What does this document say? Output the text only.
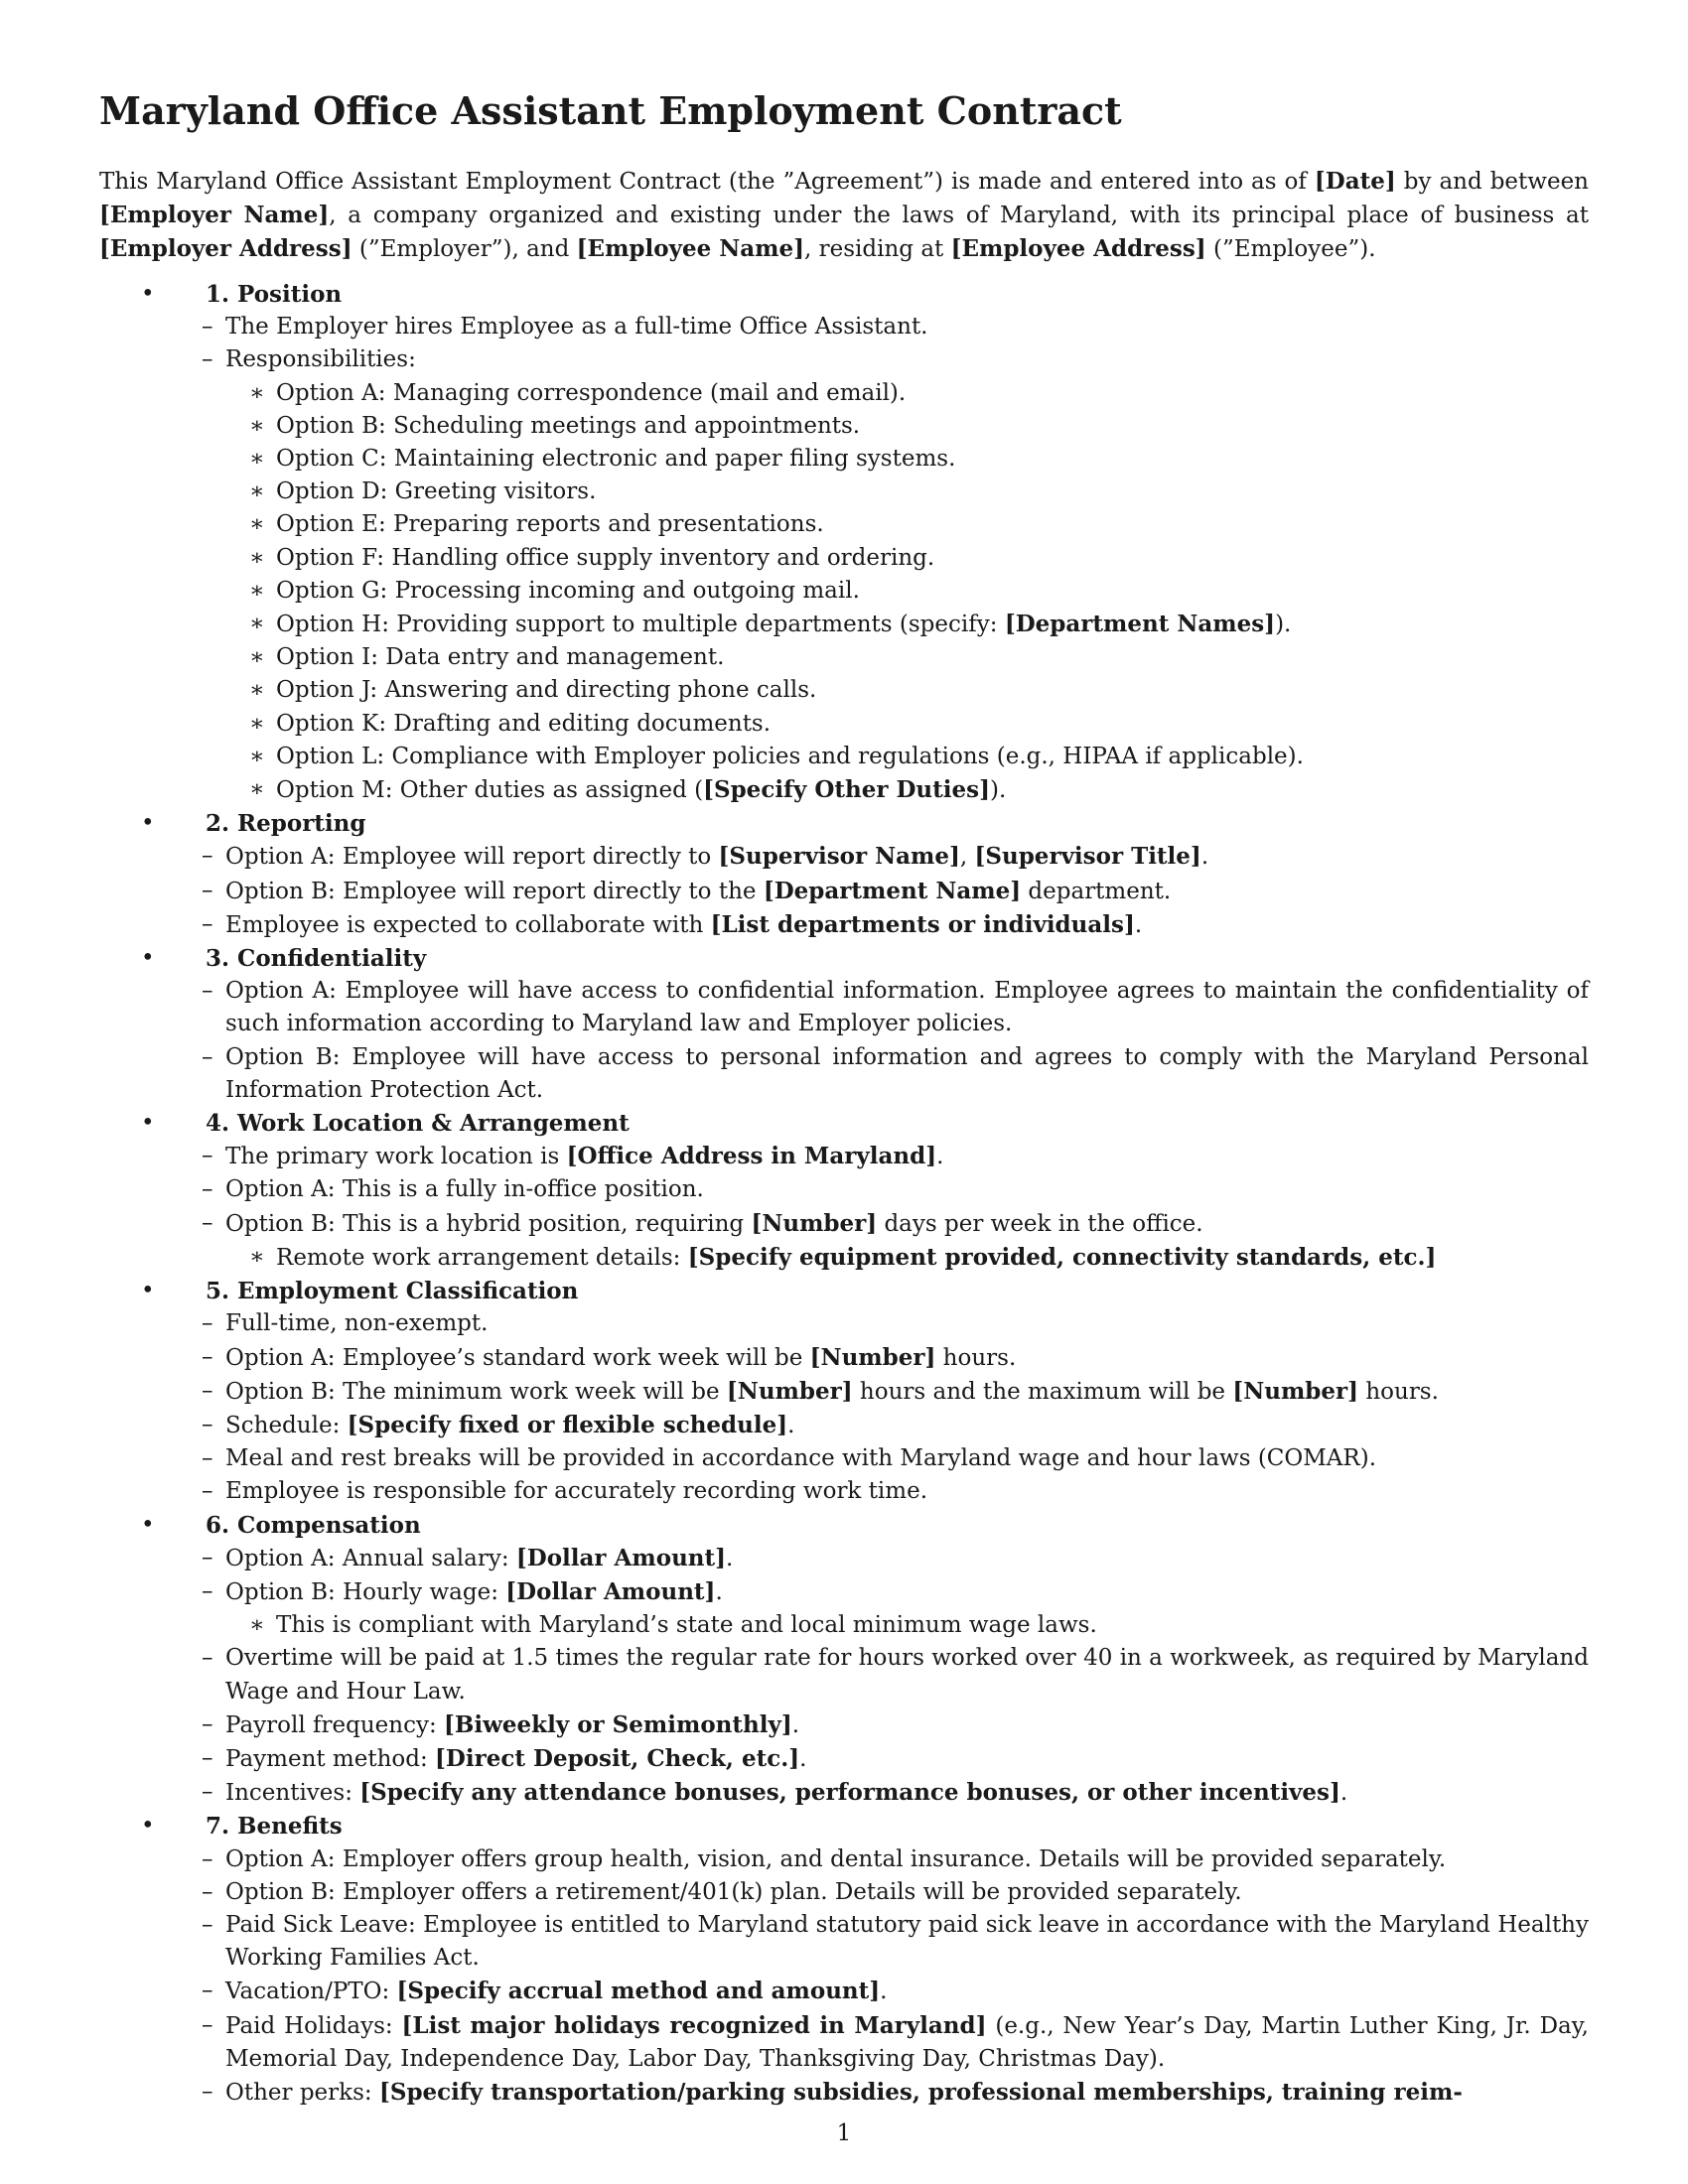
Maryland Office Assistant Employment Contract

This Maryland Office Assistant Employment Contract (the ”Agreement”) is made and entered into as of [Date] by and between [Employer Name], a company organized and existing under the laws of Maryland, with its principal place of business at [Employer Address] (”Employer”), and [Employee Name], residing at [Employee Address] (”Employee”).

• 1. Position
– The Employer hires Employee as a full-time Office Assistant.
– Responsibilities:
∗ Option A: Managing correspondence (mail and email).
∗ Option B: Scheduling meetings and appointments.
∗ Option C: Maintaining electronic and paper filing systems.
∗ Option D: Greeting visitors.
∗ Option E: Preparing reports and presentations.
∗ Option F: Handling office supply inventory and ordering.
∗ Option G: Processing incoming and outgoing mail.
∗ Option H: Providing support to multiple departments (specify: [Department Names]).
∗ Option I: Data entry and management.
∗ Option J: Answering and directing phone calls.
∗ Option K: Drafting and editing documents.
∗ Option L: Compliance with Employer policies and regulations (e.g., HIPAA if applicable).
∗ Option M: Other duties as assigned ([Specify Other Duties]).
• 2. Reporting
– Option A: Employee will report directly to [Supervisor Name], [Supervisor Title].
– Option B: Employee will report directly to the [Department Name] department.
– Employee is expected to collaborate with [List departments or individuals].
• 3. Confidentiality
– Option A: Employee will have access to confidential information. Employee agrees to maintain the confidentiality of such information according to Maryland law and Employer policies.
– Option B: Employee will have access to personal information and agrees to comply with the Maryland Personal Information Protection Act.
• 4. Work Location & Arrangement
– The primary work location is [Office Address in Maryland].
– Option A: This is a fully in-office position.
– Option B: This is a hybrid position, requiring [Number] days per week in the office.
∗ Remote work arrangement details: [Specify equipment provided, connectivity standards, etc.]
• 5. Employment Classification
– Full-time, non-exempt.
– Option A: Employee’s standard work week will be [Number] hours.
– Option B: The minimum work week will be [Number] hours and the maximum will be [Number] hours.
– Schedule: [Specify fixed or flexible schedule].
– Meal and rest breaks will be provided in accordance with Maryland wage and hour laws (COMAR).
– Employee is responsible for accurately recording work time.
• 6. Compensation
– Option A: Annual salary: [Dollar Amount].
– Option B: Hourly wage: [Dollar Amount].
∗ This is compliant with Maryland’s state and local minimum wage laws.
– Overtime will be paid at 1.5 times the regular rate for hours worked over 40 in a workweek, as required by Maryland Wage and Hour Law.
– Payroll frequency: [Biweekly or Semimonthly].
– Payment method: [Direct Deposit, Check, etc.].
– Incentives: [Specify any attendance bonuses, performance bonuses, or other incentives].
• 7. Benefits
– Option A: Employer offers group health, vision, and dental insurance. Details will be provided separately.
– Option B: Employer offers a retirement/401(k) plan. Details will be provided separately.
– Paid Sick Leave: Employee is entitled to Maryland statutory paid sick leave in accordance with the Maryland Healthy Working Families Act.
– Vacation/PTO: [Specify accrual method and amount].
– Paid Holidays: [List major holidays recognized in Maryland] (e.g., New Year’s Day, Martin Luther King, Jr. Day, Memorial Day, Independence Day, Labor Day, Thanksgiving Day, Christmas Day).
– Other perks: [Specify transportation/parking subsidies, professional memberships, training reim-
1
